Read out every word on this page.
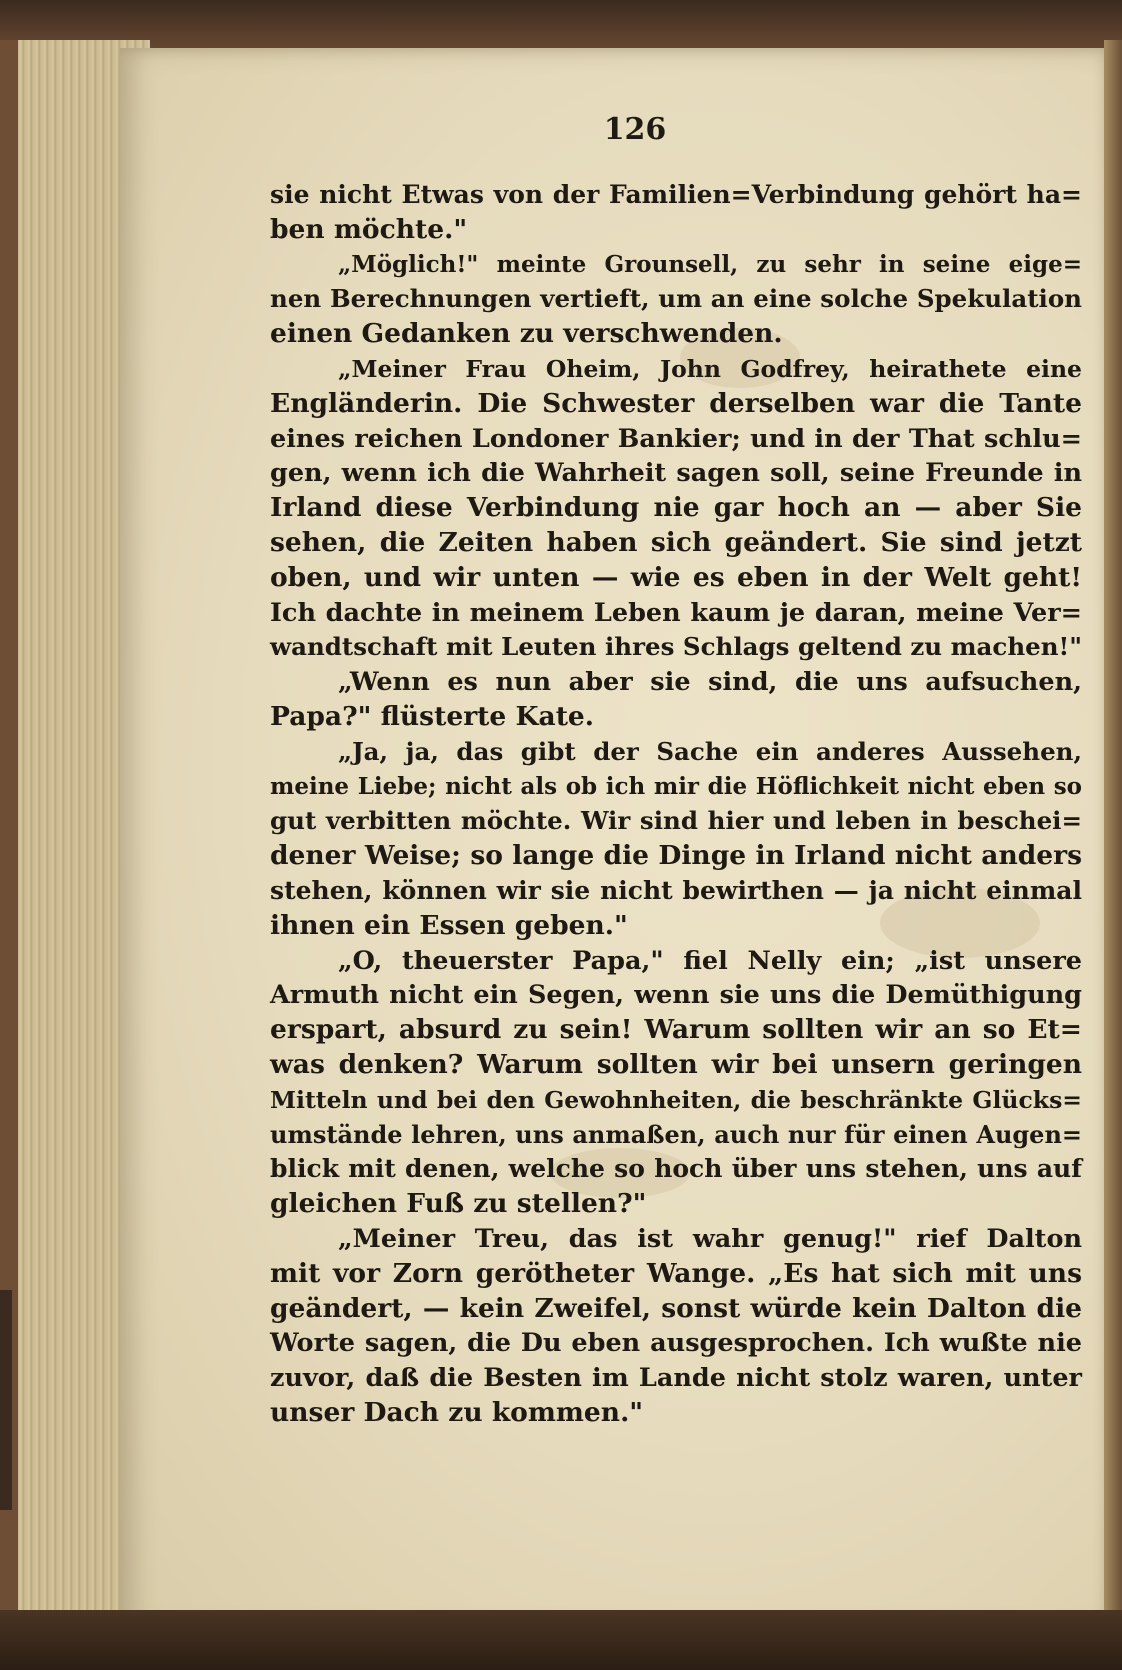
126
sie nicht Etwas von der Familien=Verbindung gehört ha=
ben möchte."
„Möglich!" meinte Grounsell, zu sehr in seine eige=
nen Berechnungen vertieft, um an eine solche Spekulation
einen Gedanken zu verschwenden.
„Meiner Frau Oheim, John Godfrey, heirathete eine
Engländerin. Die Schwester derselben war die Tante
eines reichen Londoner Bankier; und in der That schlu=
gen, wenn ich die Wahrheit sagen soll, seine Freunde in
Irland diese Verbindung nie gar hoch an — aber Sie
sehen, die Zeiten haben sich geändert. Sie sind jetzt
oben, und wir unten — wie es eben in der Welt geht!
Ich dachte in meinem Leben kaum je daran, meine Ver=
wandtschaft mit Leuten ihres Schlags geltend zu machen!"
„Wenn es nun aber sie sind, die uns aufsuchen,
Papa?" flüsterte Kate.
„Ja, ja, das gibt der Sache ein anderes Aussehen,
meine Liebe; nicht als ob ich mir die Höflichkeit nicht eben so
gut verbitten möchte. Wir sind hier und leben in beschei=
dener Weise; so lange die Dinge in Irland nicht anders
stehen, können wir sie nicht bewirthen — ja nicht einmal
ihnen ein Essen geben."
„O, theuerster Papa," fiel Nelly ein; „ist unsere
Armuth nicht ein Segen, wenn sie uns die Demüthigung
erspart, absurd zu sein! Warum sollten wir an so Et=
was denken? Warum sollten wir bei unsern geringen
Mitteln und bei den Gewohnheiten, die beschränkte Glücks=
umstände lehren, uns anmaßen, auch nur für einen Augen=
blick mit denen, welche so hoch über uns stehen, uns auf
gleichen Fuß zu stellen?"
„Meiner Treu, das ist wahr genug!" rief Dalton
mit vor Zorn gerötheter Wange. „Es hat sich mit uns
geändert, — kein Zweifel, sonst würde kein Dalton die
Worte sagen, die Du eben ausgesprochen. Ich wußte nie
zuvor, daß die Besten im Lande nicht stolz waren, unter
unser Dach zu kommen."
